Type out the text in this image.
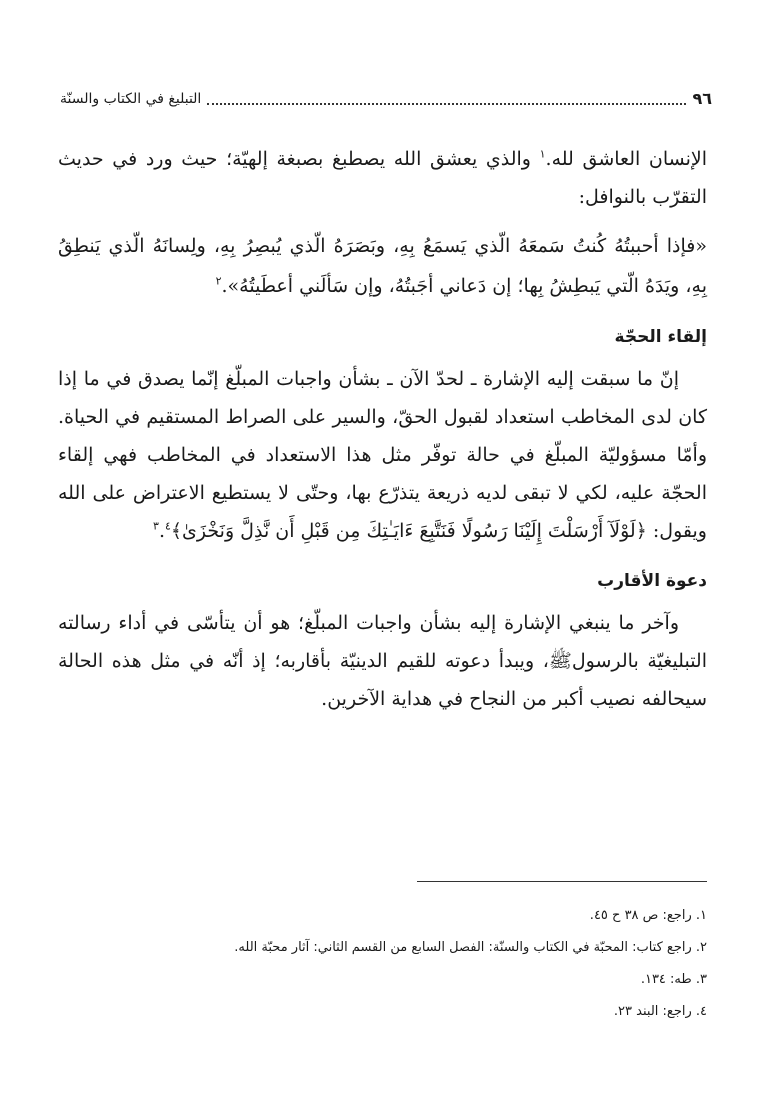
٩٦
التبليغ في الكتاب والسنّة

الإنسان العاشق لله.$^١$ والذي يعشق الله يصطبغ بصبغة إلهيّة؛ حيث ورد في حديث التقرّب بالنوافل:

«فإذا أحببتُهُ كُنتُ سَمعَهُ الّذي يَسمَعُ بِهِ، وبَصَرَهُ الّذي يُبصِرُ بِهِ، ولِسانَهُ الّذي يَنطِقُ بِهِ، ويَدَهُ الّتي يَبطِشُ بِها؛ إن دَعاني أجَبتُهُ، وإن سَألَني أعطَيتُهُ».$^٢$

إلقاء الحجّة

إنّ ما سبقت إليه الإشارة ـ لحدّ الآن ـ بشأن واجبات المبلّغ إنّما يصدق في ما إذا كان لدى المخاطب استعداد لقبول الحقّ، والسير على الصراط المستقيم في الحياة. وأمّا مسؤوليّة المبلّغ في حالة توفّر مثل هذا الاستعداد في المخاطب فهي إلقاء الحجّة عليه، لكي لا تبقى لديه ذريعة يتذرّع بها، وحتّى لا يستطيع الاعتراض على الله ويقول: ﴿لَوْلَآ أَرْسَلْتَ إِلَيْنَا رَسُولًا فَنَتَّبِعَ ءَايَـٰتِكَ مِن قَبْلِ أَن نَّذِلَّ وَنَخْزَىٰ﴾$^٣$.$^٤$

دعوة الأقارب

وآخر ما ينبغي الإشارة إليه بشأن واجبات المبلّغ؛ هو أن يتأسّى في أداء رسالته التبليغيّة بالرسولﷺ، ويبدأ دعوته للقيم الدينيّة بأقاربه؛ إذ أنّه في مثل هذه الحالة سيحالفه نصيب أكبر من النجاح في هداية الآخرين.

١. راجع: ص ٣٨ ح ٤٥.

٢. راجع كتاب: المحبّة في الكتاب والسنّة: الفصل السابع من القسم الثاني: آثار محبّة الله.

٣. طه: ١٣٤.

٤. راجع: البند ٢٣.
